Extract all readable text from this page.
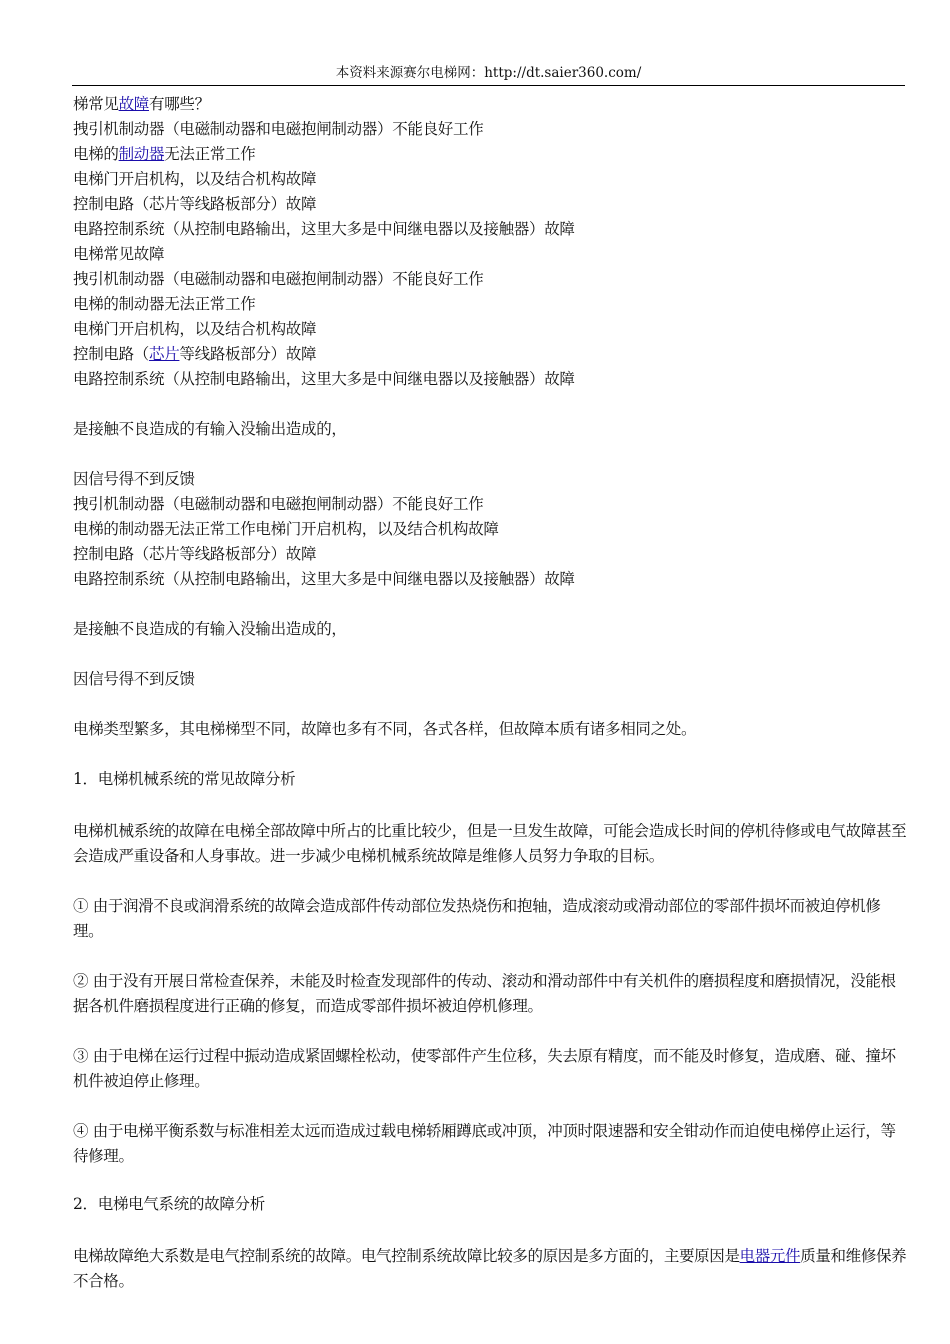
本资料来源赛尔电梯网：http://dt.saier360.com/
梯常见故障有哪些？
拽引机制动器（电磁制动器和电磁抱闸制动器）不能良好工作
电梯的制动器无法正常工作
电梯门开启机构，以及结合机构故障
控制电路（芯片等线路板部分）故障
电路控制系统（从控制电路输出，这里大多是中间继电器以及接触器）故障
电梯常见故障
拽引机制动器（电磁制动器和电磁抱闸制动器）不能良好工作
电梯的制动器无法正常工作
电梯门开启机构，以及结合机构故障
控制电路（芯片等线路板部分）故障
电路控制系统（从控制电路输出，这里大多是中间继电器以及接触器）故障
是接触不良造成的有输入没输出造成的，
因信号得不到反馈
拽引机制动器（电磁制动器和电磁抱闸制动器）不能良好工作
电梯的制动器无法正常工作电梯门开启机构，以及结合机构故障
控制电路（芯片等线路板部分）故障
电路控制系统（从控制电路输出，这里大多是中间继电器以及接触器）故障
是接触不良造成的有输入没输出造成的，
因信号得不到反馈
电梯类型繁多，其电梯梯型不同，故障也多有不同，各式各样，但故障本质有诸多相同之处。
1．电梯机械系统的常见故障分析

电梯机械系统的故障在电梯全部故障中所占的比重比较少，但是一旦发生故障，可能会造成长时间的停机待修或电气故障甚至会造成严重设备和人身事故。进一步减少电梯机械系统故障是维修人员努力争取的目标。

① 由于润滑不良或润滑系统的故障会造成部件传动部位发热烧伤和抱轴，造成滚动或滑动部位的零部件损坏而被迫停机修理。

② 由于没有开展日常检查保养，未能及时检查发现部件的传动、滚动和滑动部件中有关机件的磨损程度和磨损情况，没能根据各机件磨损程度进行正确的修复，而造成零部件损坏被迫停机修理。

③ 由于电梯在运行过程中振动造成紧固螺栓松动，使零部件产生位移，失去原有精度，而不能及时修复，造成磨、碰、撞坏机件被迫停止修理。

④ 由于电梯平衡系数与标准相差太远而造成过载电梯轿厢蹲底或冲顶，冲顶时限速器和安全钳动作而迫使电梯停止运行，等待修理。

2．电梯电气系统的故障分析

电梯故障绝大系数是电气控制系统的故障。电气控制系统故障比较多的原因是多方面的，主要原因是电器元件质量和维修保养不合格。
